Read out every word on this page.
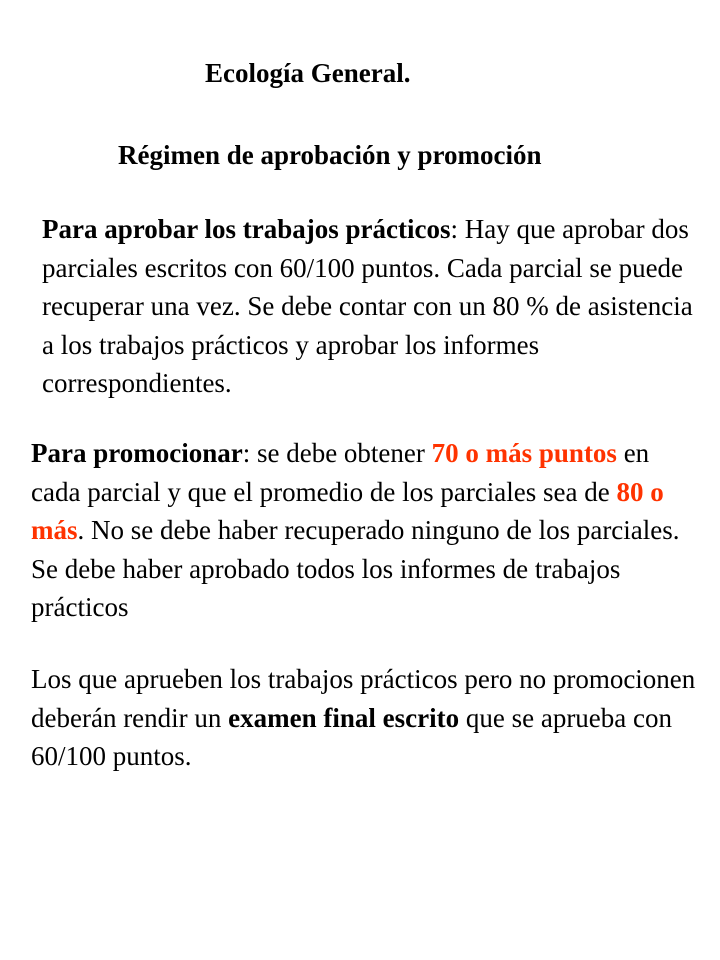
Ecología General.
Régimen de aprobación y promoción

Para aprobar los trabajos prácticos: Hay que aprobar dos parciales escritos con 60/100 puntos. Cada parcial se puede recuperar una vez. Se debe contar con un 80 % de asistencia a los trabajos prácticos y aprobar los informes correspondientes.

Para promocionar: se debe obtener 70 o más puntos en cada parcial y que el promedio de los parciales sea de 80 o más. No se debe haber recuperado ninguno de los parciales. Se debe haber aprobado todos los informes de trabajos prácticos

Los que aprueben los trabajos prácticos pero no promocionen deberán rendir un examen final escrito que se aprueba con 60/100 puntos.
